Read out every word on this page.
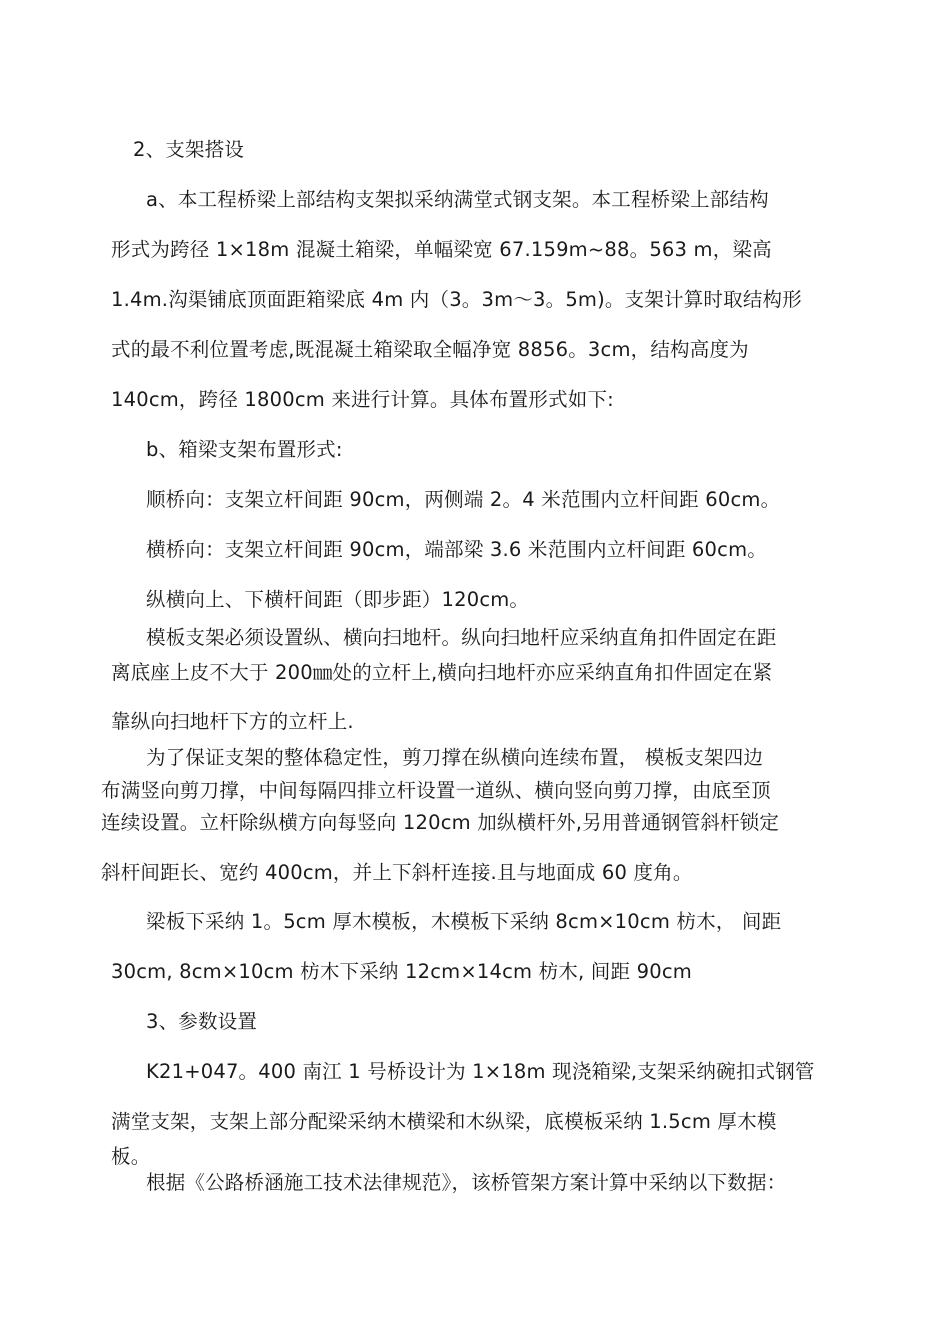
2、支架搭设
a、本工程桥梁上部结构支架拟采纳满堂式钢支架。本工程桥梁上部结构
形式为跨径 1×18m 混凝土箱梁，单幅梁宽 67.159m~88。563 m，梁高
1.4m.沟渠铺底顶面距箱梁底 4m 内（3。3m～3。5m)。支架计算时取结构形
式的最不利位置考虑,既混凝土箱梁取全幅净宽 8856。3cm，结构高度为
140cm，跨径 1800cm 来进行计算。具体布置形式如下:
b、箱梁支架布置形式:
顺桥向：支架立杆间距 90cm，两侧端 2。4 米范围内立杆间距 60cm。
横桥向：支架立杆间距 90cm，端部梁 3.6 米范围内立杆间距 60cm。
纵横向上、下横杆间距（即步距）120cm。
模板支架必须设置纵、横向扫地杆。纵向扫地杆应采纳直角扣件固定在距
离底座上皮不大于 200㎜处的立杆上,横向扫地杆亦应采纳直角扣件固定在紧
靠纵向扫地杆下方的立杆上.
为了保证支架的整体稳定性，剪刀撑在纵横向连续布置， 模板支架四边
布满竖向剪刀撑，中间每隔四排立杆设置一道纵、横向竖向剪刀撑，由底至顶
连续设置。立杆除纵横方向每竖向 120cm 加纵横杆外,另用普通钢管斜杆锁定
斜杆间距长、宽约 400cm，并上下斜杆连接.且与地面成 60 度角。
梁板下采纳 1。5cm 厚木模板，木模板下采纳 8cm×10cm 枋木， 间距
30cm, 8cm×10cm 枋木下采纳 12cm×14cm 枋木, 间距 90cm
3、参数设置
K21+047。400 南江 1 号桥设计为 1×18m 现浇箱梁,支架采纳碗扣式钢管
满堂支架，支架上部分配梁采纳木横梁和木纵梁，底模板采纳 1.5cm 厚木模
板。
根据《公路桥涵施工技术法律规范》，该桥管架方案计算中采纳以下数据：
